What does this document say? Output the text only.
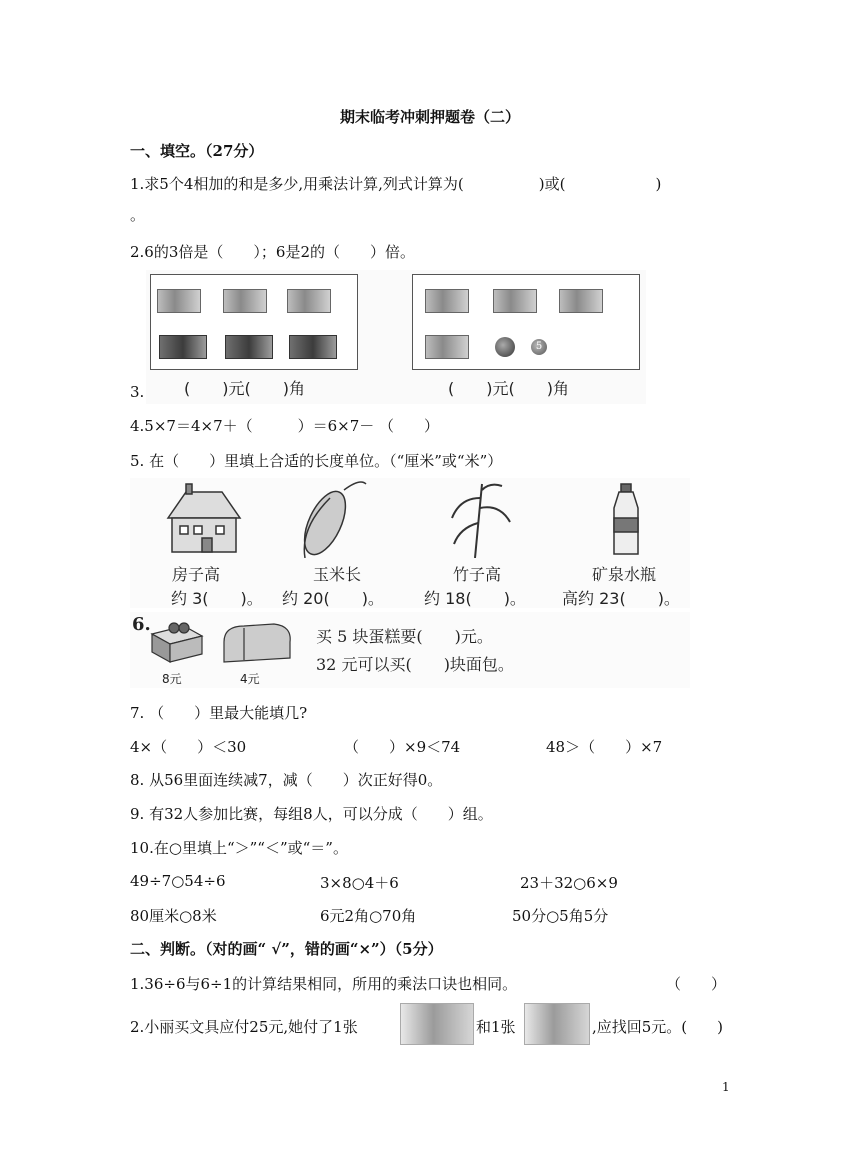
期末临考冲刺押题卷（二）
一、填空。（27分）
1.求5个4相加的和是多少,用乘法计算,列式计算为(　　　　　)或(　　　　　　)
。
2.6的3倍是（　　）；6是2的（　　）倍。
5
(　　)元(　　)角	(　　)元(　　)角
3.
4.5×7＝4×7＋（　　　）＝6×7－ （　　）
5. 在（　　）里填上合适的长度单位。（“厘米”或“米”）
房子高
约 3(　　)。
玉米长
约 20(　　)。
竹子高
约 18(　　)。
矿泉水瓶
高约 23(　　)。
6.
8元	4元
买 5 块蛋糕要(　　)元。
32 元可以买(　　)块面包。
7. （　　）里最大能填几?
4×（　　）＜30	（　　）×9＜74	48＞（　　）×7
8. 从56里面连续减7，减（　　）次正好得0。
9. 有32人参加比赛，每组8人，可以分成（　　）组。
10.在○里填上“＞”“＜”或“＝”。
49÷7○54÷6	3×8○4＋6	23＋32○6×9
80厘米○8米	6元2角○70角	50分○5角5分
二、判断。（对的画“ √”，错的画“×”）（5分）
1.36÷6与6÷1的计算结果相同，所用的乘法口诀也相同。	（　　）
2.小丽买文具应付25元,她付了1张	和1张	,应找回5元。(　　)
1
